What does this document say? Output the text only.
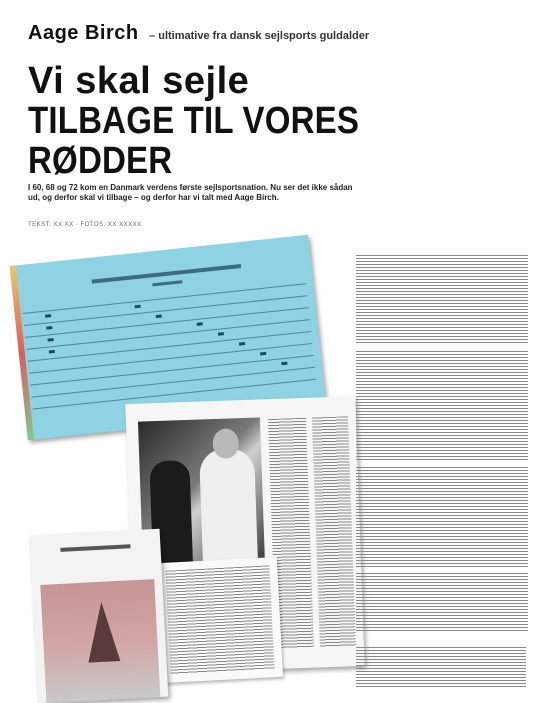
Aage Birch – ultimative fra dansk sejlsports guldalder
Vi skal sejle
TILBAGE TIL VORES RØDDER
I 60, 68 og 72 kom en Danmark verdens første sejlsportsnation. Nu ser det ikke sådan ud, og derfor skal vi tilbage – og derfor har vi talt med Aage Birch.
TEKST: XX XX · FOTOS: XX XXXXX
